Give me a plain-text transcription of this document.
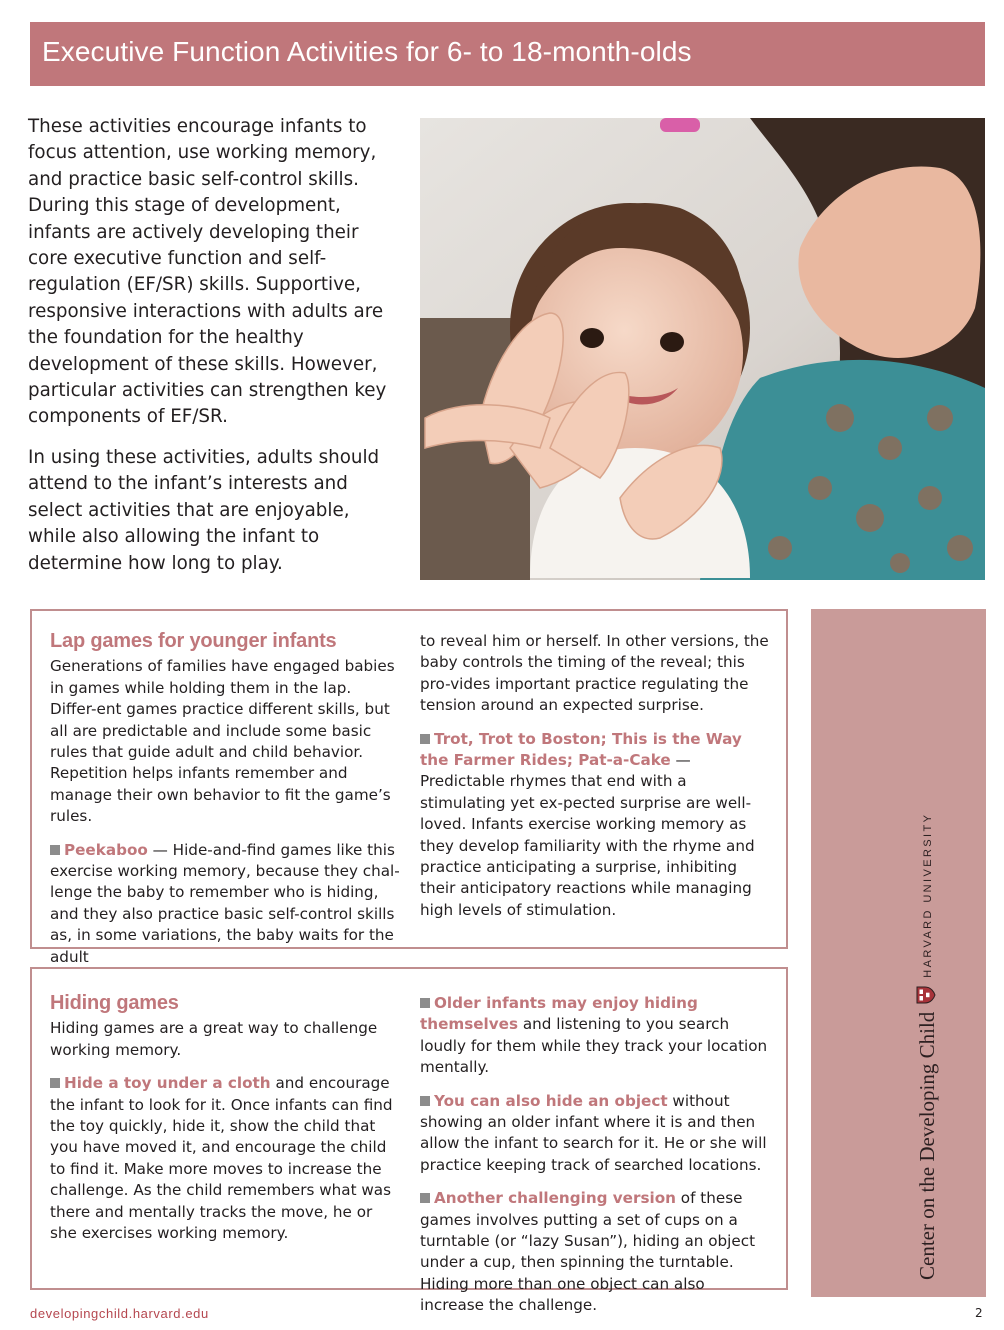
Executive Function Activities for 6- to 18-month-olds

These activities encourage infants to focus attention, use working memory, and practice basic self-control skills. During this stage of development, infants are actively developing their core executive function and self-regulation (EF/SR) skills. Supportive, responsive interactions with adults are the foundation for the healthy development of these skills. However, particular activities can strengthen key components of EF/SR.

In using these activities, adults should attend to the infant’s interests and select activities that are enjoyable, while also allowing the infant to determine how long to play.

Lap games for younger infants

Generations of families have engaged babies in games while holding them in the lap. Differ-ent games practice different skills, but all are predictable and include some basic rules that guide adult and child behavior. Repetition helps infants remember and manage their own behavior to fit the game’s rules.

Peekaboo — Hide-and-find games like this exercise working memory, because they chal-lenge the baby to remember who is hiding, and they also practice basic self-control skills as, in some variations, the baby waits for the adult

to reveal him or herself. In other versions, the baby controls the timing of the reveal; this pro-vides important practice regulating the tension around an expected surprise.

Trot, Trot to Boston; This is the Way the Farmer Rides; Pat-a-Cake — Predictable rhymes that end with a stimulating yet ex-pected surprise are well-loved. Infants exercise working memory as they develop familiarity with the rhyme and practice anticipating a surprise, inhibiting their anticipatory reactions while managing high levels of stimulation.

Hiding games

Hiding games are a great way to challenge working memory.

Hide a toy under a cloth and encourage the infant to look for it. Once infants can find the toy quickly, hide it, show the child that you have moved it, and encourage the child to find it. Make more moves to increase the challenge. As the child remembers what was there and mentally tracks the move, he or she exercises working memory.

Older infants may enjoy hiding themselves and listening to you search loudly for them while they track your location mentally.

You can also hide an object without showing an older infant where it is and then allow the infant to search for it. He or she will practice keeping track of searched locations.

Another challenging version of these games involves putting a set of cups on a turntable (or “lazy Susan”), hiding an object under a cup, then spinning the turntable. Hiding more than one object can also increase the challenge.

Center on the Developing Child
HARVARD UNIVERSITY
developingchild.harvard.edu	2
